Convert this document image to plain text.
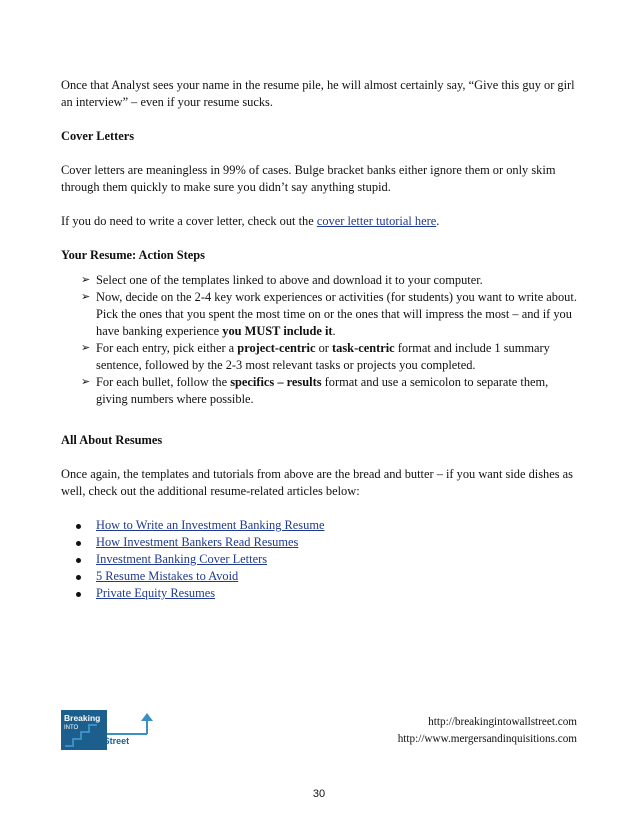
Once that Analyst sees your name in the resume pile, he will almost certainly say, “Give this guy or girl an interview” – even if your resume sucks.

Cover Letters

Cover letters are meaningless in 99% of cases. Bulge bracket banks either ignore them or only skim through them quickly to make sure you didn’t say anything stupid.

If you do need to write a cover letter, check out the cover letter tutorial here.

Your Resume: Action Steps

➢ Select one of the templates linked to above and download it to your computer.
➢ Now, decide on the 2-4 key work experiences or activities (for students) you want to write about. Pick the ones that you spent the most time on or the ones that will impress the most – and if you have banking experience you MUST include it.
➢ For each entry, pick either a project-centric or task-centric format and include 1 summary sentence, followed by the 2-3 most relevant tasks or projects you completed.
➢ For each bullet, follow the specifics – results format and use a semicolon to separate them, giving numbers where possible.

All About Resumes

Once again, the templates and tutorials from above are the bread and butter – if you want side dishes as well, check out the additional resume-related articles below:

How to Write an Investment Banking Resume
How Investment Bankers Read Resumes
Investment Banking Cover Letters
5 Resume Mistakes to Avoid
Private Equity Resumes
Breaking
INTO
Wall Street
http://breakingintowallstreet.com
http://www.mergersandinquisitions.com
30
